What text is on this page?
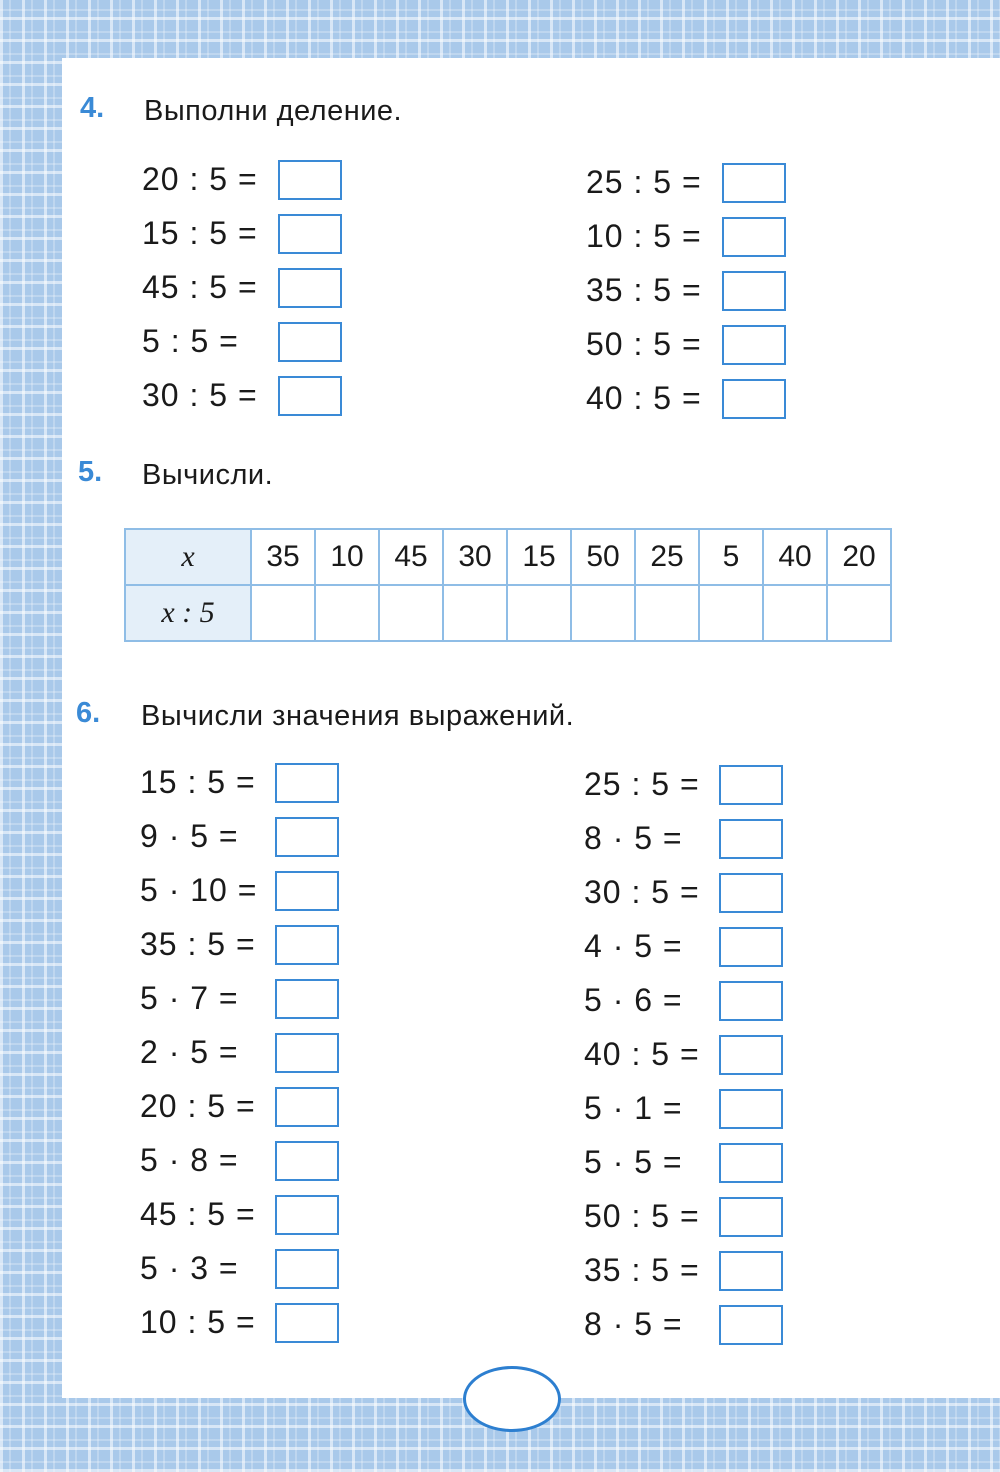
4. Выполни деление.
20 : 5 =
15 : 5 =
45 : 5 =
5 : 5 =
30 : 5 =
25 : 5 =
10 : 5 =
35 : 5 =
50 : 5 =
40 : 5 =
5. Вычисли.
x	35	10	45	30	15	50	25	5	40	20
x : 5										
6. Вычисли значения выражений.
15 : 5 =
9 · 5 =
5 · 10 =
35 : 5 =
5 · 7 =
2 · 5 =
20 : 5 =
5 · 8 =
45 : 5 =
5 · 3 =
10 : 5 =
25 : 5 =
8 · 5 =
30 : 5 =
4 · 5 =
5 · 6 =
40 : 5 =
5 · 1 =
5 · 5 =
50 : 5 =
35 : 5 =
8 · 5 =
